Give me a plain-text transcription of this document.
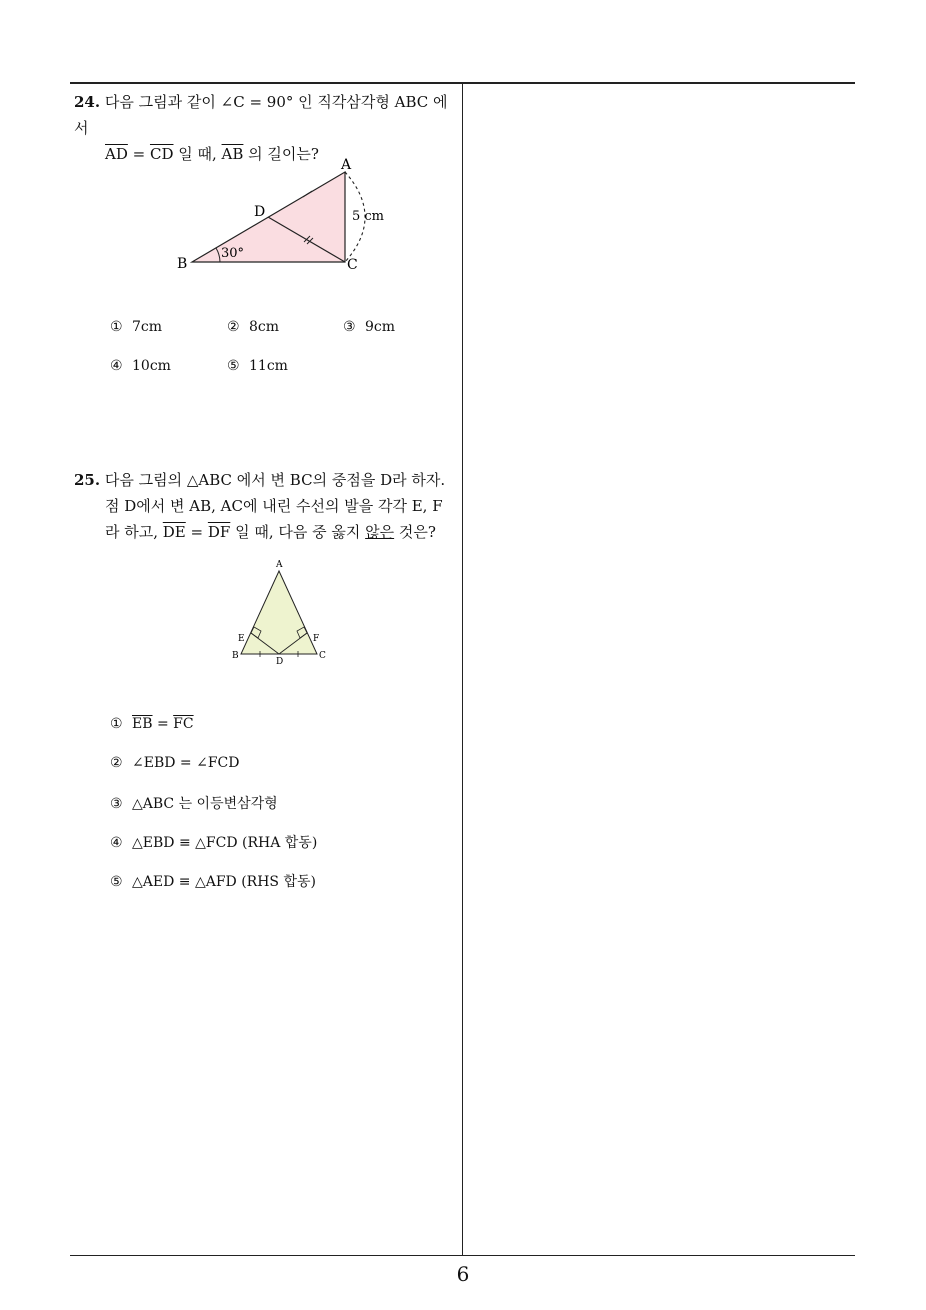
24. 다음 그림과 같이 ∠C = 90° 인 직각삼각형 ABC 에서
$\overline{AD} = \overline{CD}$ 일 때, $\overline{AB}$ 의 길이는?
A
B	C
D
30°
5 cm
① 7cm	② 8cm	③ 9cm
④ 10cm	⑤ 11cm
25. 다음 그림의 △ABC 에서 변 BC의 중점을 D라 하자.
점 D에서 변 AB, AC에 내린 수선의 발을 각각 E, F
라 하고, $\overline{DE} = \overline{DF}$ 일 때, 다음 중 옳지 않은 것은?
A
B	C
D
E	F
① $\overline{EB} = \overline{FC}$
② ∠EBD = ∠FCD
③ △ABC 는 이등변삼각형
④ △EBD ≡ △FCD (RHA 합동)
⑤ △AED ≡ △AFD (RHS 합동)
6
